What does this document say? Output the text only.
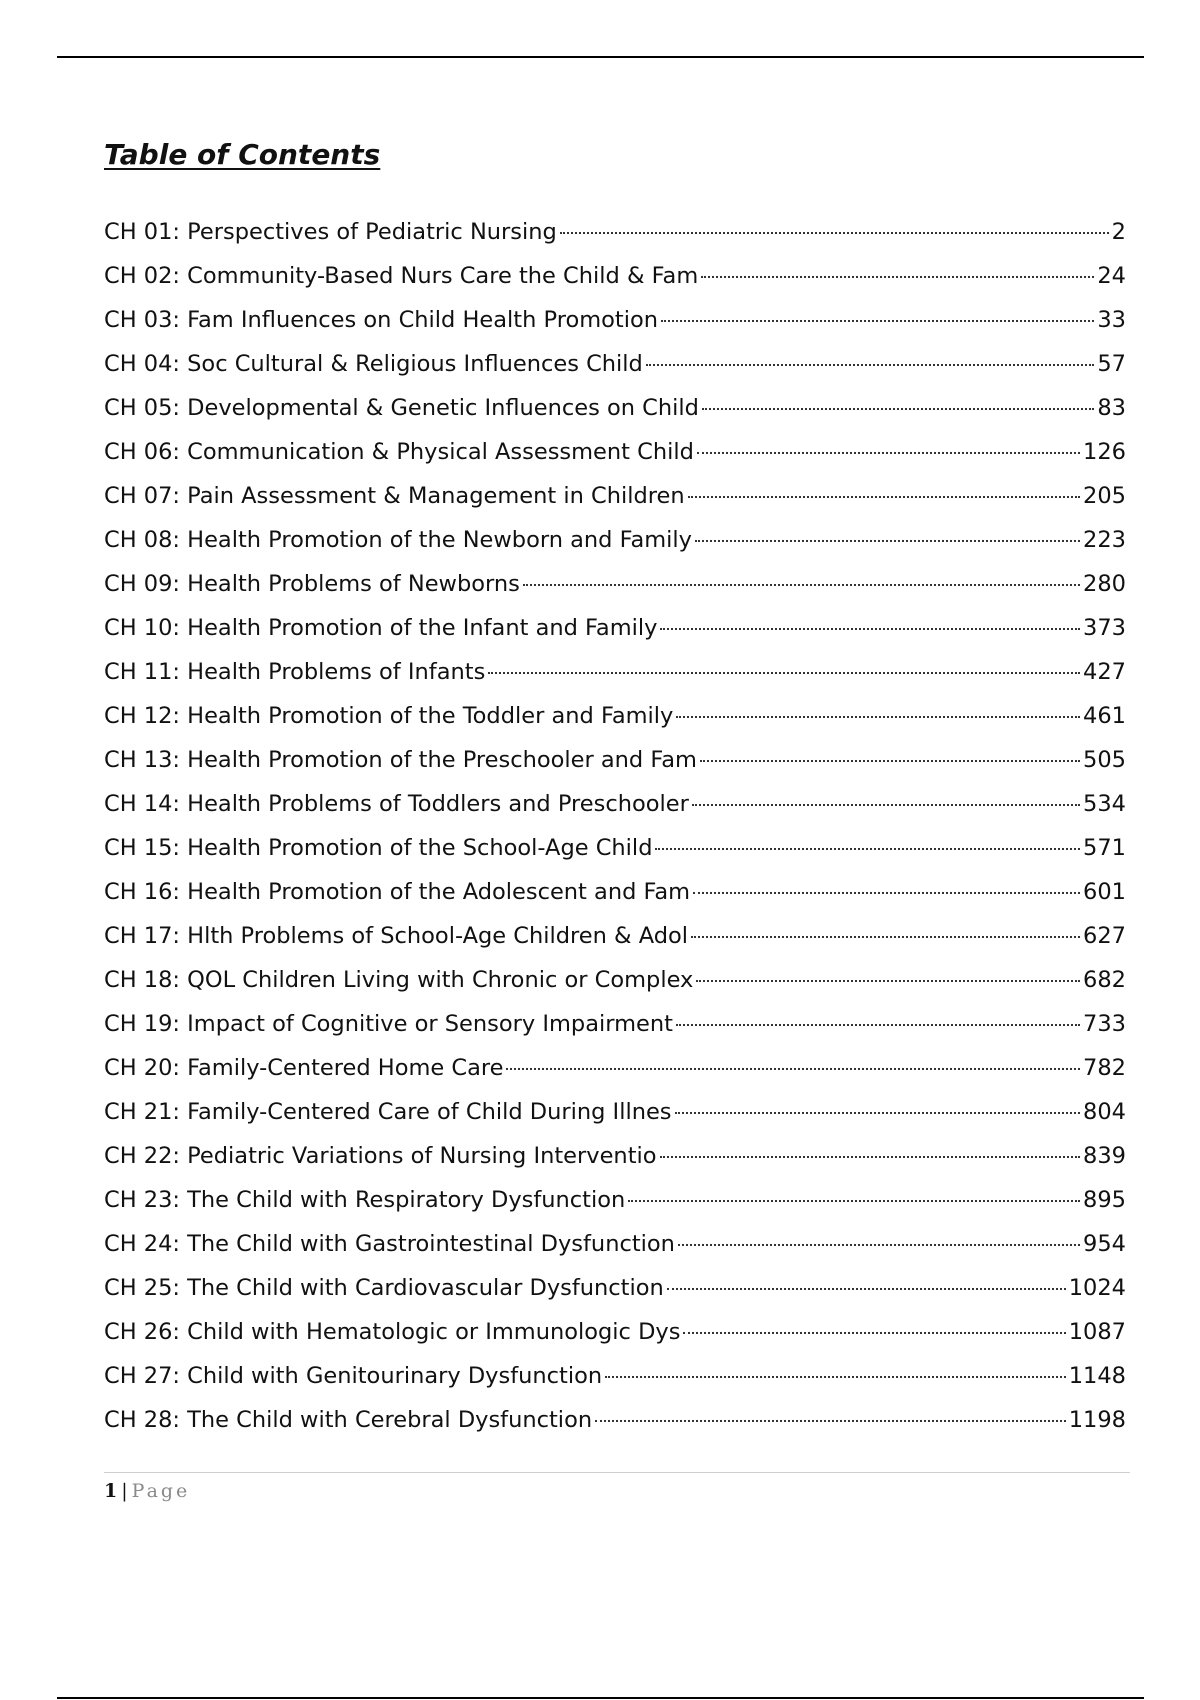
Table of Contents
CH 01: Perspectives of Pediatric Nursing	2
CH 02: Community-Based Nurs Care the Child & Fam	24
CH 03: Fam Influences on Child Health Promotion	33
CH 04: Soc Cultural & Religious Influences Child	57
CH 05: Developmental & Genetic Influences on Child	83
CH 06: Communication & Physical Assessment Child	126
CH 07: Pain Assessment & Management in Children	205
CH 08: Health Promotion of the Newborn and Family	223
CH 09: Health Problems of Newborns	280
CH 10: Health Promotion of the Infant and Family	373
CH 11: Health Problems of Infants	427
CH 12: Health Promotion of the Toddler and Family	461
CH 13: Health Promotion of the Preschooler and Fam	505
CH 14: Health Problems of Toddlers and Preschooler	534
CH 15: Health Promotion of the School-Age Child	571
CH 16: Health Promotion of the Adolescent and Fam	601
CH 17: Hlth Problems of School-Age Children & Adol	627
CH 18: QOL Children Living with Chronic or Complex	682
CH 19: Impact of Cognitive or Sensory Impairment	733
CH 20: Family-Centered Home Care	782
CH 21: Family-Centered Care of Child During Illnes	804
CH 22: Pediatric Variations of Nursing Interventio	839
CH 23: The Child with Respiratory Dysfunction	895
CH 24: The Child with Gastrointestinal Dysfunction	954
CH 25: The Child with Cardiovascular Dysfunction	1024
CH 26: Child with Hematologic or Immunologic Dys	1087
CH 27: Child with Genitourinary Dysfunction	1148
CH 28: The Child with Cerebral Dysfunction	1198
1 | Page
